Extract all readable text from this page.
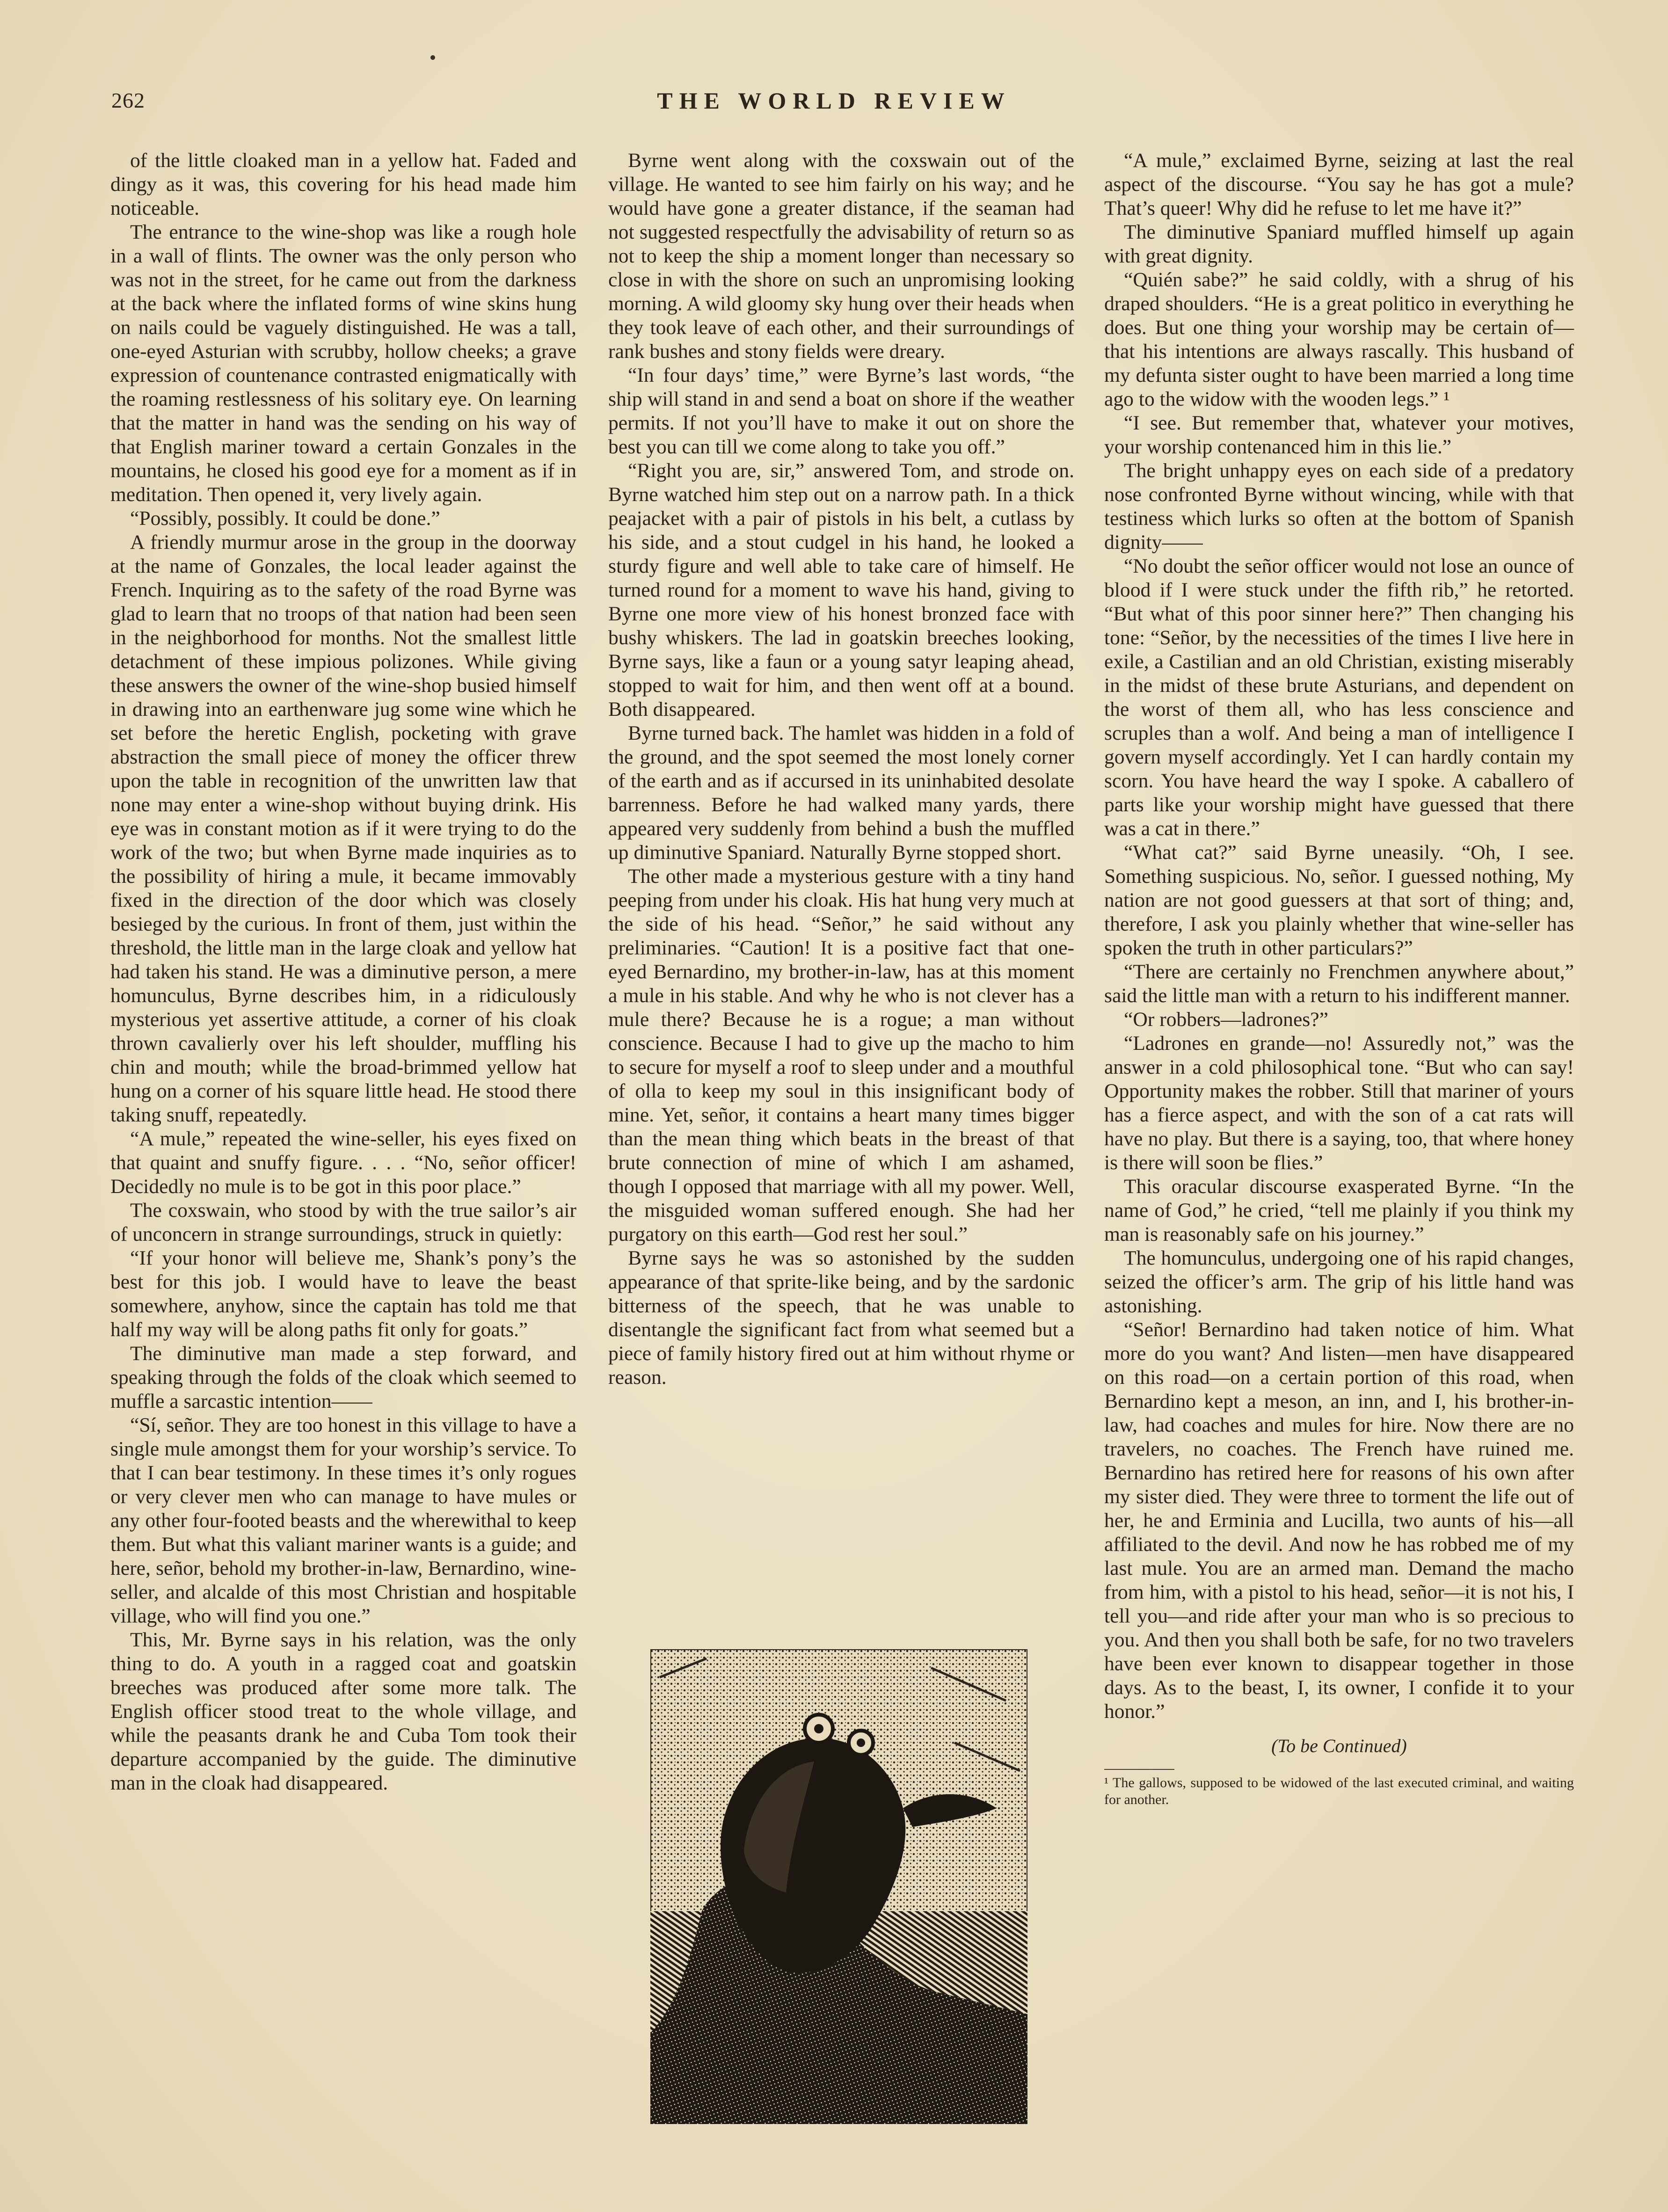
262	THE WORLD REVIEW

of the little cloaked man in a yellow hat. Faded and dingy as it was, this covering for his head made him noticeable.

The entrance to the wine-shop was like a rough hole in a wall of flints. The owner was the only person who was not in the street, for he came out from the darkness at the back where the inflated forms of wine skins hung on nails could be vaguely distinguished. He was a tall, one-eyed Asturian with scrubby, hollow cheeks; a grave expression of countenance contrasted enigmatically with the roaming restlessness of his solitary eye. On learning that the matter in hand was the sending on his way of that English mariner toward a certain Gonzales in the mountains, he closed his good eye for a moment as if in meditation. Then opened it, very lively again.

“Possibly, possibly. It could be done.”

A friendly murmur arose in the group in the doorway at the name of Gonzales, the local leader against the French. Inquiring as to the safety of the road Byrne was glad to learn that no troops of that nation had been seen in the neighborhood for months. Not the smallest little detachment of these impious polizones. While giving these answers the owner of the wine-shop busied himself in drawing into an earthenware jug some wine which he set before the heretic English, pocketing with grave abstraction the small piece of money the officer threw upon the table in recognition of the unwritten law that none may enter a wine-shop without buying drink. His eye was in constant motion as if it were trying to do the work of the two; but when Byrne made inquiries as to the possibility of hiring a mule, it became immovably fixed in the direction of the door which was closely besieged by the curious. In front of them, just within the threshold, the little man in the large cloak and yellow hat had taken his stand. He was a diminutive person, a mere homunculus, Byrne describes him, in a ridiculously mysterious yet assertive attitude, a corner of his cloak thrown cavalierly over his left shoulder, muffling his chin and mouth; while the broad-brimmed yellow hat hung on a corner of his square little head. He stood there taking snuff, repeatedly.

“A mule,” repeated the wine-seller, his eyes fixed on that quaint and snuffy figure. . . . “No, señor officer! Decidedly no mule is to be got in this poor place.”

The coxswain, who stood by with the true sailor’s air of unconcern in strange surroundings, struck in quietly:

“If your honor will believe me, Shank’s pony’s the best for this job. I would have to leave the beast somewhere, anyhow, since the captain has told me that half my way will be along paths fit only for goats.”

The diminutive man made a step forward, and speaking through the folds of the cloak which seemed to muffle a sarcastic intention——

“Sí, señor. They are too honest in this village to have a single mule amongst them for your worship’s service. To that I can bear testimony. In these times it’s only rogues or very clever men who can manage to have mules or any other four-footed beasts and the wherewithal to keep them. But what this valiant mariner wants is a guide; and here, señor, behold my brother-in-law, Bernardino, wine-seller, and alcalde of this most Christian and hospitable village, who will find you one.”

This, Mr. Byrne says in his relation, was the only thing to do. A youth in a ragged coat and goatskin breeches was produced after some more talk. The English officer stood treat to the whole village, and while the peasants drank he and Cuba Tom took their departure accompanied by the guide. The diminutive man in the cloak had disappeared.

Byrne went along with the coxswain out of the village. He wanted to see him fairly on his way; and he would have gone a greater distance, if the seaman had not suggested respectfully the advisability of return so as not to keep the ship a moment longer than necessary so close in with the shore on such an unpromising looking morning. A wild gloomy sky hung over their heads when they took leave of each other, and their surroundings of rank bushes and stony fields were dreary.

“In four days’ time,” were Byrne’s last words, “the ship will stand in and send a boat on shore if the weather permits. If not you’ll have to make it out on shore the best you can till we come along to take you off.”

“Right you are, sir,” answered Tom, and strode on. Byrne watched him step out on a narrow path. In a thick peajacket with a pair of pistols in his belt, a cutlass by his side, and a stout cudgel in his hand, he looked a sturdy figure and well able to take care of himself. He turned round for a moment to wave his hand, giving to Byrne one more view of his honest bronzed face with bushy whiskers. The lad in goatskin breeches looking, Byrne says, like a faun or a young satyr leaping ahead, stopped to wait for him, and then went off at a bound. Both disappeared.

Byrne turned back. The hamlet was hidden in a fold of the ground, and the spot seemed the most lonely corner of the earth and as if accursed in its uninhabited desolate barrenness. Before he had walked many yards, there appeared very suddenly from behind a bush the muffled up diminutive Spaniard. Naturally Byrne stopped short.

The other made a mysterious gesture with a tiny hand peeping from under his cloak. His hat hung very much at the side of his head. “Señor,” he said without any preliminaries. “Caution! It is a positive fact that one-eyed Bernardino, my brother-in-law, has at this moment a mule in his stable. And why he who is not clever has a mule there? Because he is a rogue; a man without conscience. Because I had to give up the macho to him to secure for myself a roof to sleep under and a mouthful of olla to keep my soul in this insignificant body of mine. Yet, señor, it contains a heart many times bigger than the mean thing which beats in the breast of that brute connection of mine of which I am ashamed, though I opposed that marriage with all my power. Well, the misguided woman suffered enough. She had her purgatory on this earth—God rest her soul.”

Byrne says he was so astonished by the sudden appearance of that sprite-like being, and by the sardonic bitterness of the speech, that he was unable to disentangle the significant fact from what seemed but a piece of family history fired out at him without rhyme or reason.

“A mule,” exclaimed Byrne, seizing at last the real aspect of the discourse. “You say he has got a mule? That’s queer! Why did he refuse to let me have it?”

The diminutive Spaniard muffled himself up again with great dignity.

“Quién sabe?” he said coldly, with a shrug of his draped shoulders. “He is a great politico in everything he does. But one thing your worship may be certain of—that his intentions are always rascally. This husband of my defunta sister ought to have been married a long time ago to the widow with the wooden legs.” ¹

“I see. But remember that, whatever your motives, your worship contenanced him in this lie.”

The bright unhappy eyes on each side of a predatory nose confronted Byrne without wincing, while with that testiness which lurks so often at the bottom of Spanish dignity——

“No doubt the señor officer would not lose an ounce of blood if I were stuck under the fifth rib,” he retorted. “But what of this poor sinner here?” Then changing his tone: “Señor, by the necessities of the times I live here in exile, a Castilian and an old Christian, existing miserably in the midst of these brute Asturians, and dependent on the worst of them all, who has less conscience and scruples than a wolf. And being a man of intelligence I govern myself accordingly. Yet I can hardly contain my scorn. You have heard the way I spoke. A caballero of parts like your worship might have guessed that there was a cat in there.”

“What cat?” said Byrne uneasily. “Oh, I see. Something suspicious. No, señor. I guessed nothing, My nation are not good guessers at that sort of thing; and, therefore, I ask you plainly whether that wine-seller has spoken the truth in other particulars?”

“There are certainly no Frenchmen anywhere about,” said the little man with a return to his indifferent manner.

“Or robbers—ladrones?”

“Ladrones en grande—no! Assuredly not,” was the answer in a cold philosophical tone. “But who can say! Opportunity makes the robber. Still that mariner of yours has a fierce aspect, and with the son of a cat rats will have no play. But there is a saying, too, that where honey is there will soon be flies.”

This oracular discourse exasperated Byrne. “In the name of God,” he cried, “tell me plainly if you think my man is reasonably safe on his journey.”

The homunculus, undergoing one of his rapid changes, seized the officer’s arm. The grip of his little hand was astonishing.

“Señor! Bernardino had taken notice of him. What more do you want? And listen—men have disappeared on this road—on a certain portion of this road, when Bernardino kept a meson, an inn, and I, his brother-in-law, had coaches and mules for hire. Now there are no travelers, no coaches. The French have ruined me. Bernardino has retired here for reasons of his own after my sister died. They were three to torment the life out of her, he and Erminia and Lucilla, two aunts of his—all affiliated to the devil. And now he has robbed me of my last mule. You are an armed man. Demand the macho from him, with a pistol to his head, señor—it is not his, I tell you—and ride after your man who is so precious to you. And then you shall both be safe, for no two travelers have been ever known to disappear together in those days. As to the beast, I, its owner, I confide it to your honor.”

(To be Continued)

¹ The gallows, supposed to be widowed of the last executed criminal, and waiting for another.
